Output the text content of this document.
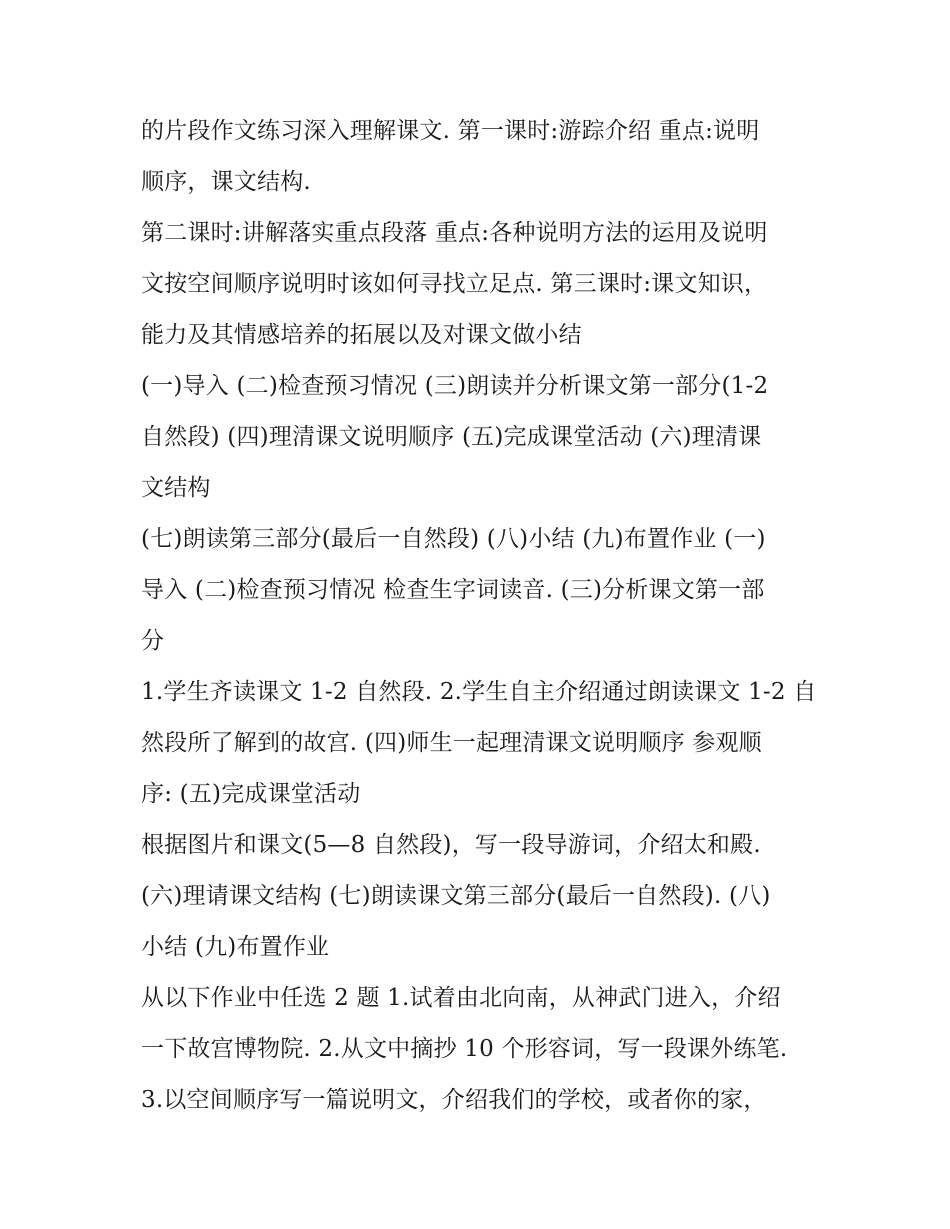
的片段作文练习深入理解课文. 第一课时:游踪介绍 重点:说明
顺序，课文结构.
第二课时:讲解落实重点段落 重点:各种说明方法的运用及说明
文按空间顺序说明时该如何寻找立足点. 第三课时:课文知识，
能力及其情感培养的拓展以及对课文做小结
(一)导入 (二)检查预习情况 (三)朗读并分析课文第一部分(1-2
自然段) (四)理清课文说明顺序 (五)完成课堂活动 (六)理清课
文结构
(七)朗读第三部分(最后一自然段) (八)小结 (九)布置作业 (一)
导入 (二)检查预习情况 检查生字词读音. (三)分析课文第一部
分
1.学生齐读课文 1-2 自然段. 2.学生自主介绍通过朗读课文 1-2 自
然段所了解到的故宫. (四)师生一起理清课文说明顺序 参观顺
序: (五)完成课堂活动
根据图片和课文(5—8 自然段)，写一段导游词，介绍太和殿.
(六)理请课文结构 (七)朗读课文第三部分(最后一自然段). (八)
小结 (九)布置作业
从以下作业中任选 2 题 1.试着由北向南，从神武门进入，介绍
一下故宫博物院. 2.从文中摘抄 10 个形容词，写一段课外练笔.
3.以空间顺序写一篇说明文，介绍我们的学校，或者你的家，
